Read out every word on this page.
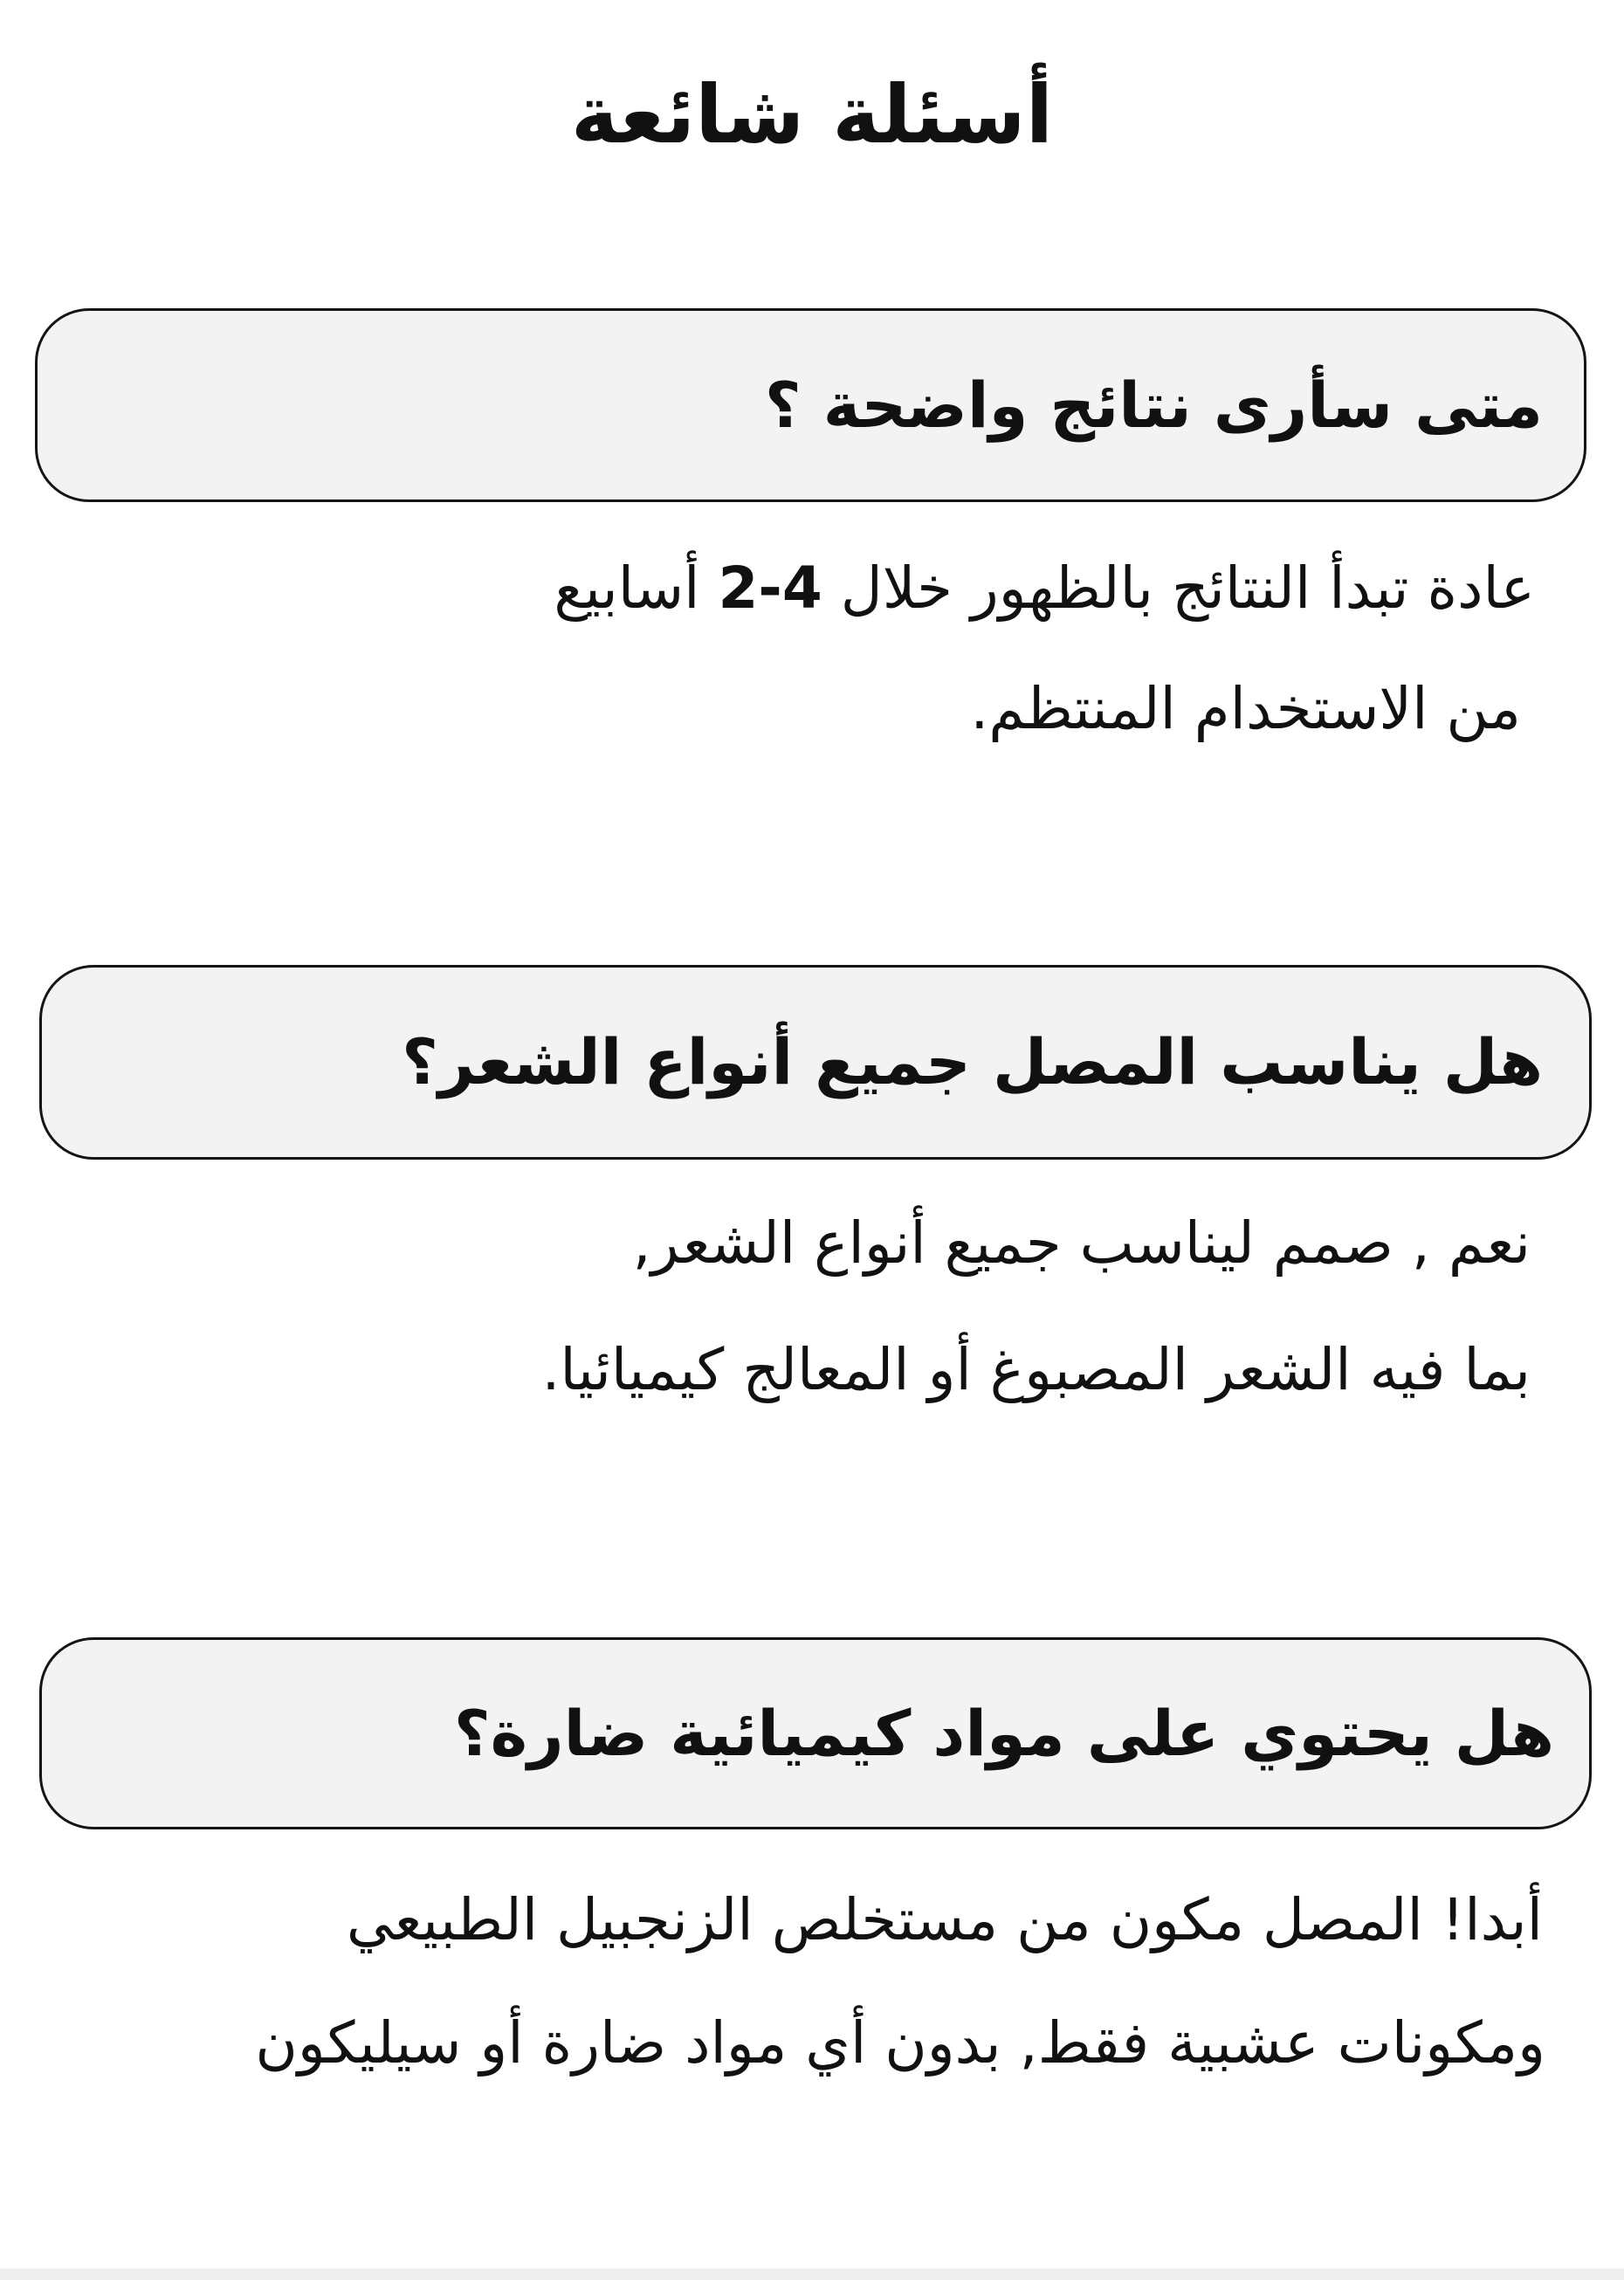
أسئلة شائعة
متى سأرى نتائج واضحة ؟
عادة تبدأ النتائج بالظهور خلال 4-2 أسابيع
من الاستخدام المنتظم.
هل يناسب المصل جميع أنواع الشعر؟
نعم , صمم ليناسب جميع أنواع الشعر,
بما فيه الشعر المصبوغ أو المعالج كيميائيا.
هل يحتوي على مواد كيميائية ضارة؟
أبدا! المصل مكون من مستخلص الزنجبيل الطبيعي
ومكونات عشبية فقط, بدون أي مواد ضارة أو سيليكون
